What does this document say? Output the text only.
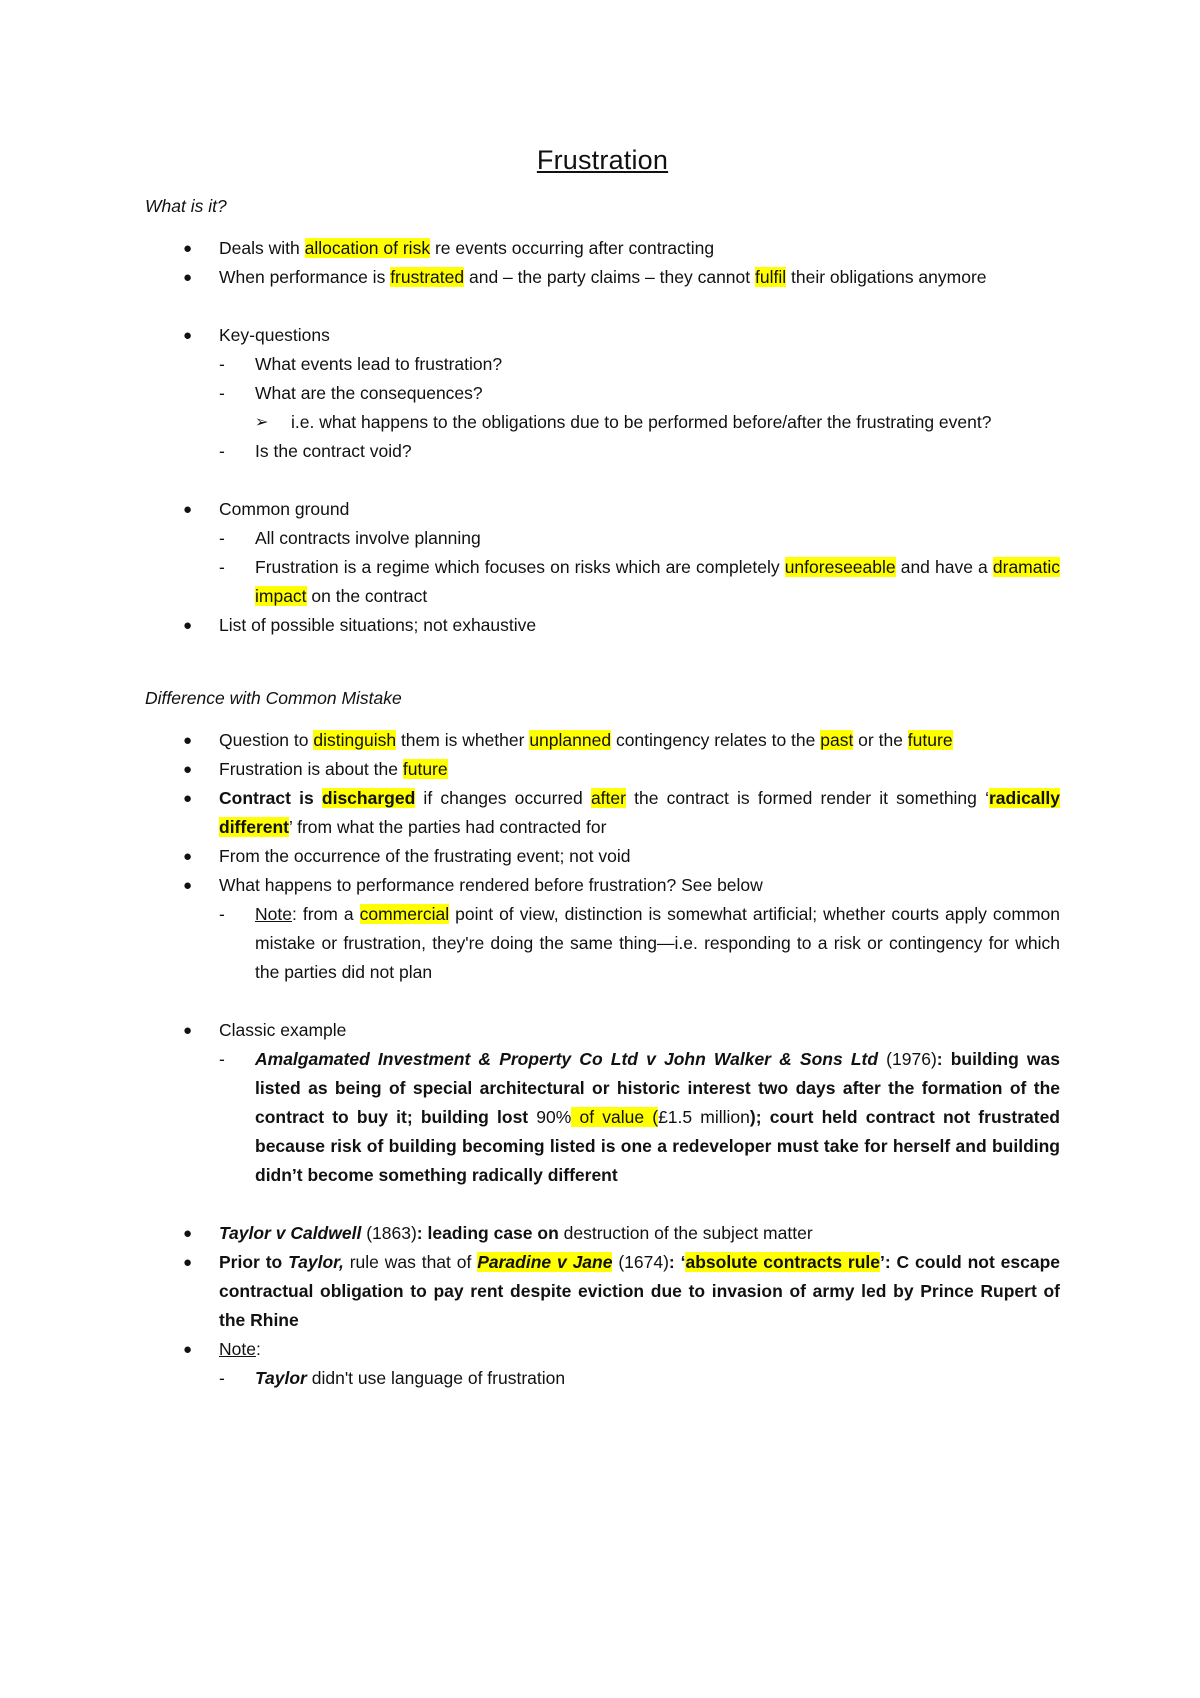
Frustration
What is it?
● Deals with allocation of risk re events occurring after contracting
● When performance is frustrated and – the party claims – they cannot fulfil their obligations anymore
● Key-questions
- What events lead to frustration?
- What are the consequences?
➢ i.e. what happens to the obligations due to be performed before/after the frustrating event?
- Is the contract void?
● Common ground
- All contracts involve planning
- Frustration is a regime which focuses on risks which are completely unforeseeable and have a dramatic impact on the contract
● List of possible situations; not exhaustive
Difference with Common Mistake
● Question to distinguish them is whether unplanned contingency relates to the past or the future
● Frustration is about the future
● Contract is discharged if changes occurred after the contract is formed render it something ‘radically different’ from what the parties had contracted for
● From the occurrence of the frustrating event; not void
● What happens to performance rendered before frustration? See below
- Note: from a commercial point of view, distinction is somewhat artificial; whether courts apply common mistake or frustration, they're doing the same thing—i.e. responding to a risk or contingency for which the parties did not plan
● Classic example
- Amalgamated Investment & Property Co Ltd v John Walker & Sons Ltd (1976): building was listed as being of special architectural or historic interest two days after the formation of the contract to buy it; building lost 90% of value (£1.5 million); court held contract not frustrated because risk of building becoming listed is one a redeveloper must take for herself and building didn’t become something radically different
● Taylor v Caldwell (1863): leading case on destruction of the subject matter
● Prior to Taylor, rule was that of Paradine v Jane (1674): ‘absolute contracts rule’: C could not escape contractual obligation to pay rent despite eviction due to invasion of army led by Prince Rupert of the Rhine
● Note:
- Taylor didn't use language of frustration
